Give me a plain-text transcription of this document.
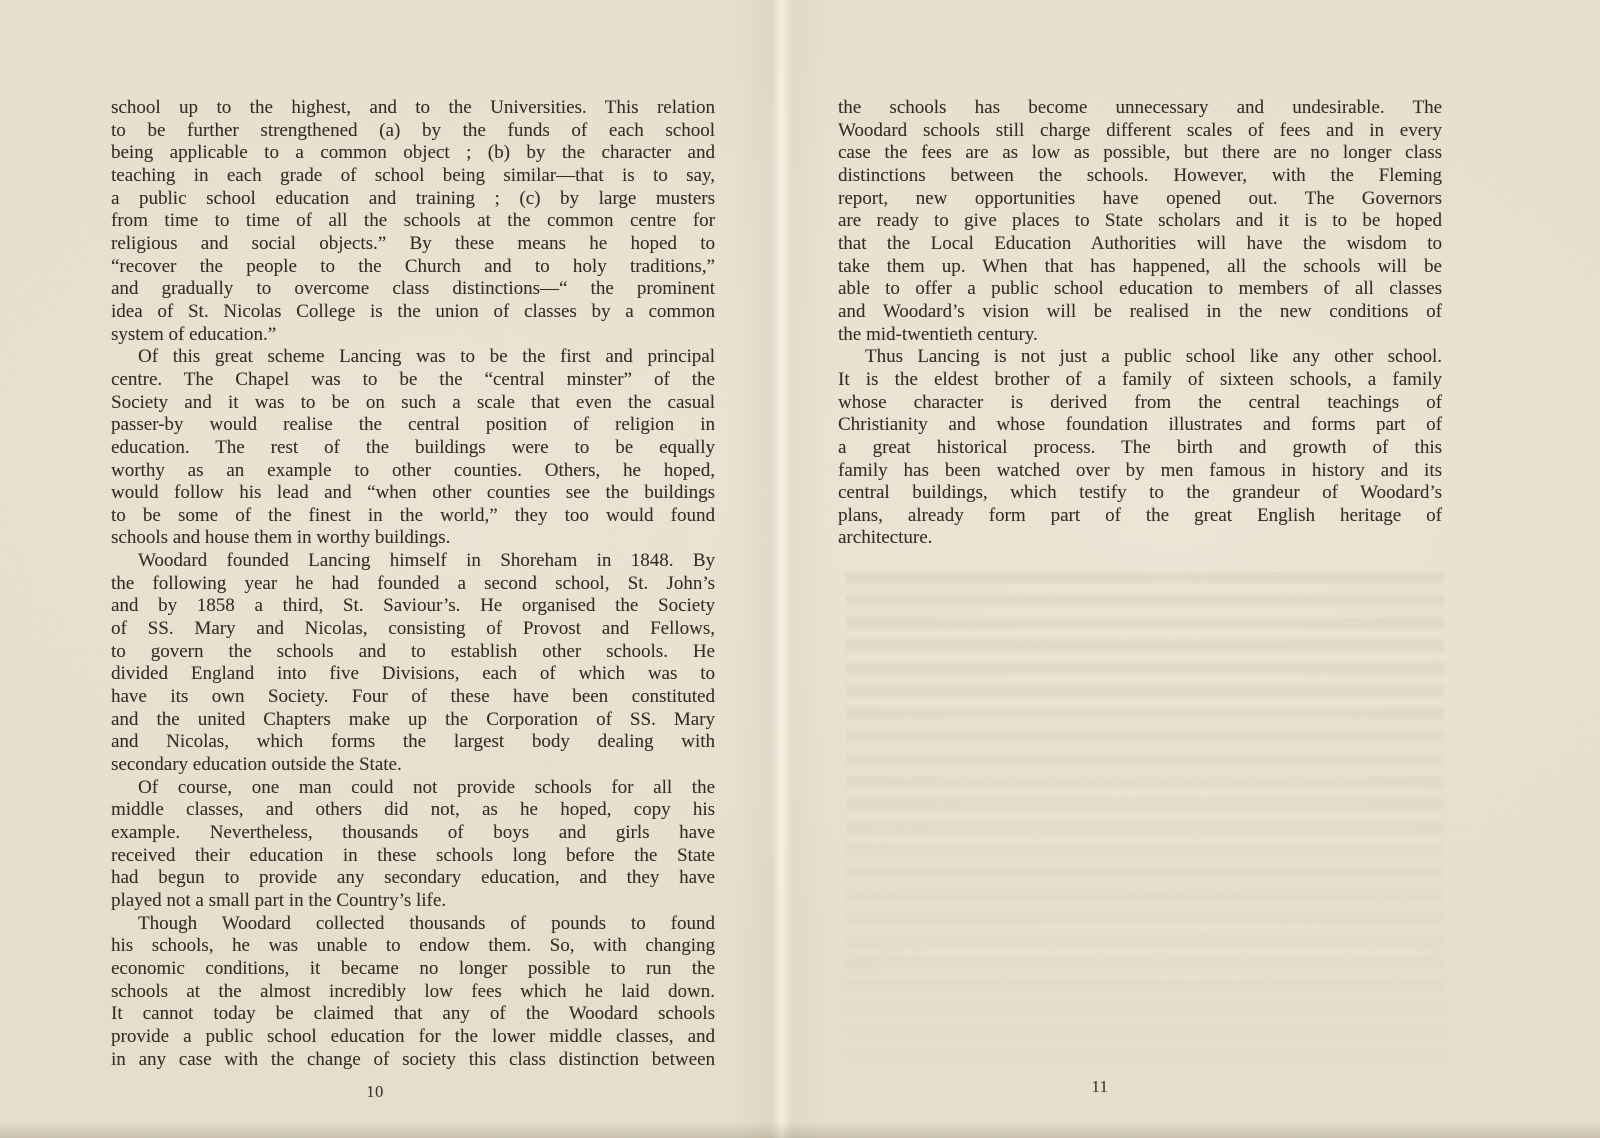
school up to the highest, and to the Universities. This relation
to be further strengthened (a) by the funds of each school
being applicable to a common object ; (b) by the character and
teaching in each grade of school being similar—that is to say,
a public school education and training ; (c) by large musters
from time to time of all the schools at the common centre for
religious and social objects.” By these means he hoped to
“recover the people to the Church and to holy traditions,”
and gradually to overcome class distinctions—“ the prominent
idea of St. Nicolas College is the union of classes by a common
system of education.”
Of this great scheme Lancing was to be the first and principal
centre. The Chapel was to be the “central minster” of the
Society and it was to be on such a scale that even the casual
passer-by would realise the central position of religion in
education. The rest of the buildings were to be equally
worthy as an example to other counties. Others, he hoped,
would follow his lead and “when other counties see the buildings
to be some of the finest in the world,” they too would found
schools and house them in worthy buildings.
Woodard founded Lancing himself in Shoreham in 1848. By
the following year he had founded a second school, St. John’s
and by 1858 a third, St. Saviour’s. He organised the Society
of SS. Mary and Nicolas, consisting of Provost and Fellows,
to govern the schools and to establish other schools. He
divided England into five Divisions, each of which was to
have its own Society. Four of these have been constituted
and the united Chapters make up the Corporation of SS. Mary
and Nicolas, which forms the largest body dealing with
secondary education outside the State.
Of course, one man could not provide schools for all the
middle classes, and others did not, as he hoped, copy his
example. Nevertheless, thousands of boys and girls have
received their education in these schools long before the State
had begun to provide any secondary education, and they have
played not a small part in the Country’s life.
Though Woodard collected thousands of pounds to found
his schools, he was unable to endow them. So, with changing
economic conditions, it became no longer possible to run the
schools at the almost incredibly low fees which he laid down.
It cannot today be claimed that any of the Woodard schools
provide a public school education for the lower middle classes, and
in any case with the change of society this class distinction between
10
the schools has become unnecessary and undesirable. The
Woodard schools still charge different scales of fees and in every
case the fees are as low as possible, but there are no longer class
distinctions between the schools. However, with the Fleming
report, new opportunities have opened out. The Governors
are ready to give places to State scholars and it is to be hoped
that the Local Education Authorities will have the wisdom to
take them up. When that has happened, all the schools will be
able to offer a public school education to members of all classes
and Woodard’s vision will be realised in the new conditions of
the mid-twentieth century.
Thus Lancing is not just a public school like any other school.
It is the eldest brother of a family of sixteen schools, a family
whose character is derived from the central teachings of
Christianity and whose foundation illustrates and forms part of
a great historical process. The birth and growth of this
family has been watched over by men famous in history and its
central buildings, which testify to the grandeur of Woodard’s
plans, already form part of the great English heritage of
architecture.
11
